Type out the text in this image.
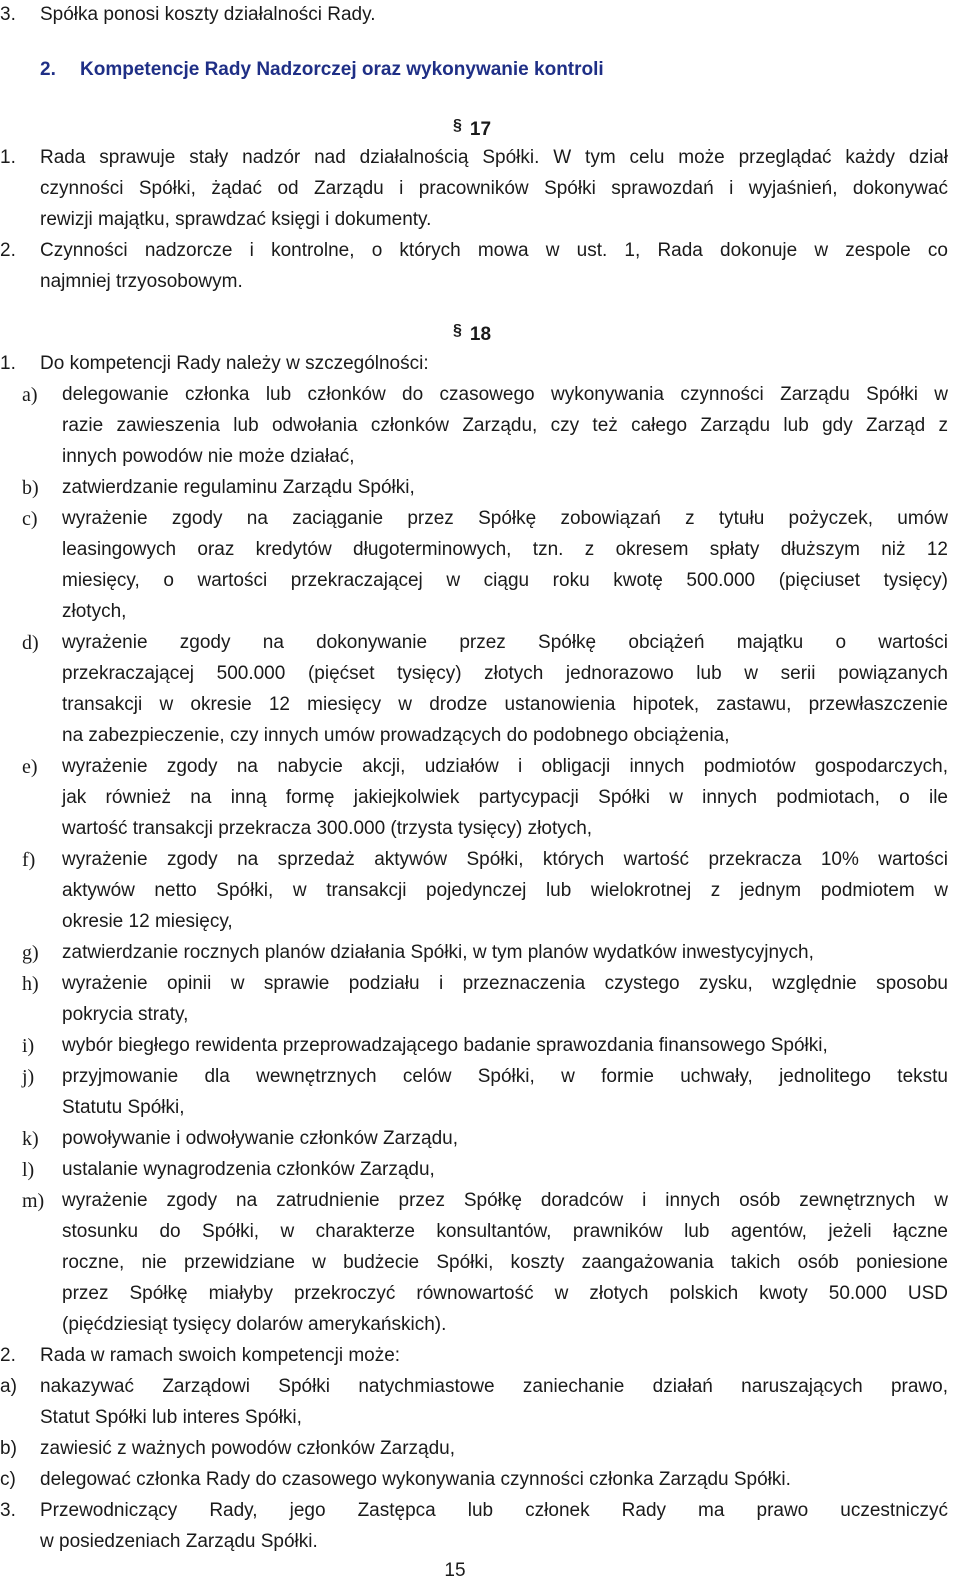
3. Spółka ponosi koszty działalności Rady.
2. Kompetencje Rady Nadzorczej oraz wykonywanie kontroli
§ 17
1. Rada sprawuje stały nadzór nad działalnością Spółki. W tym celu może przeglądać każdy dział
czynności Spółki, żądać od Zarządu i pracowników Spółki sprawozdań i wyjaśnień, dokonywać
rewizji majątku, sprawdzać księgi i dokumenty.
2. Czynności nadzorcze i kontrolne, o których mowa w ust. 1, Rada dokonuje w zespole co
najmniej trzyosobowym.
§ 18
1. Do kompetencji Rady należy w szczególności:
a) delegowanie członka lub członków do czasowego wykonywania czynności Zarządu Spółki w
razie zawieszenia lub odwołania członków Zarządu, czy też całego Zarządu lub gdy Zarząd z
innych powodów nie może działać,
b) zatwierdzanie regulaminu Zarządu Spółki,
c) wyrażenie zgody na zaciąganie przez Spółkę zobowiązań z tytułu pożyczek, umów
leasingowych oraz kredytów długoterminowych, tzn. z okresem spłaty dłuższym niż 12
miesięcy, o wartości przekraczającej w ciągu roku kwotę 500.000 (pięciuset tysięcy)
złotych,
d) wyrażenie zgody na dokonywanie przez Spółkę obciążeń majątku o wartości
przekraczającej 500.000 (pięćset tysięcy) złotych jednorazowo lub w serii powiązanych
transakcji w okresie 12 miesięcy w drodze ustanowienia hipotek, zastawu, przewłaszczenie
na zabezpieczenie, czy innych umów prowadzących do podobnego obciążenia,
e) wyrażenie zgody na nabycie akcji, udziałów i obligacji innych podmiotów gospodarczych,
jak również na inną formę jakiejkolwiek partycypacji Spółki w innych podmiotach, o ile
wartość transakcji przekracza 300.000 (trzysta tysięcy) złotych,
f) wyrażenie zgody na sprzedaż aktywów Spółki, których wartość przekracza 10% wartości
aktywów netto Spółki, w transakcji pojedynczej lub wielokrotnej z jednym podmiotem w
okresie 12 miesięcy,
g) zatwierdzanie rocznych planów działania Spółki, w tym planów wydatków inwestycyjnych,
h) wyrażenie opinii w sprawie podziału i przeznaczenia czystego zysku, względnie sposobu
pokrycia straty,
i) wybór biegłego rewidenta przeprowadzającego badanie sprawozdania finansowego Spółki,
j) przyjmowanie dla wewnętrznych celów Spółki, w formie uchwały, jednolitego tekstu
Statutu Spółki,
k) powoływanie i odwoływanie członków Zarządu,
l) ustalanie wynagrodzenia członków Zarządu,
m) wyrażenie zgody na zatrudnienie przez Spółkę doradców i innych osób zewnętrznych w
stosunku do Spółki, w charakterze konsultantów, prawników lub agentów, jeżeli łączne
roczne, nie przewidziane w budżecie Spółki, koszty zaangażowania takich osób poniesione
przez Spółkę miałyby przekroczyć równowartość w złotych polskich kwoty 50.000 USD
(pięćdziesiąt tysięcy dolarów amerykańskich).
2. Rada w ramach swoich kompetencji może:
a) nakazywać Zarządowi Spółki natychmiastowe zaniechanie działań naruszających prawo,
Statut Spółki lub interes Spółki,
b) zawiesić z ważnych powodów członków Zarządu,
c) delegować członka Rady do czasowego wykonywania czynności członka Zarządu Spółki.
3. Przewodniczący Rady, jego Zastępca lub członek Rady ma prawo uczestniczyć
w posiedzeniach Zarządu Spółki.
15
